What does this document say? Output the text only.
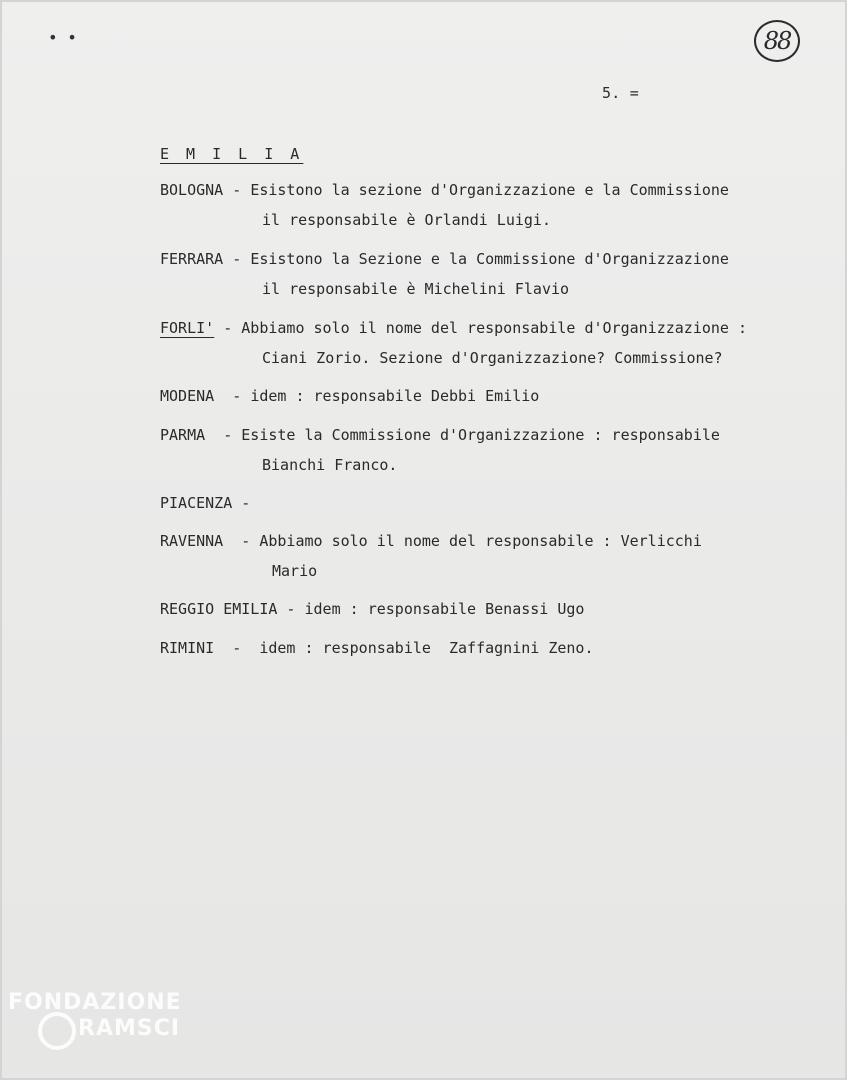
• •	88
5. =
E M I L I A
BOLOGNA - Esistono la sezione d'Organizzazione e la Commissione
il responsabile è Orlandi Luigi.
FERRARA - Esistono la Sezione e la Commissione d'Organizzazione
il responsabile è Michelini Flavio
FORLI' - Abbiamo solo il nome del responsabile d'Organizzazione :
Ciani Zorio. Sezione d'Organizzazione? Commissione?
MODENA  - idem : responsabile Debbi Emilio
PARMA  - Esiste la Commissione d'Organizzazione : responsabile
Bianchi Franco.
PIACENZA -
RAVENNA  - Abbiamo solo il nome del responsabile : Verlicchi
Mario
REGGIO EMILIA - idem : responsabile Benassi Ugo
RIMINI  -  idem : responsabile  Zaffagnini Zeno.
FONDAZIONE
RAMSCI
